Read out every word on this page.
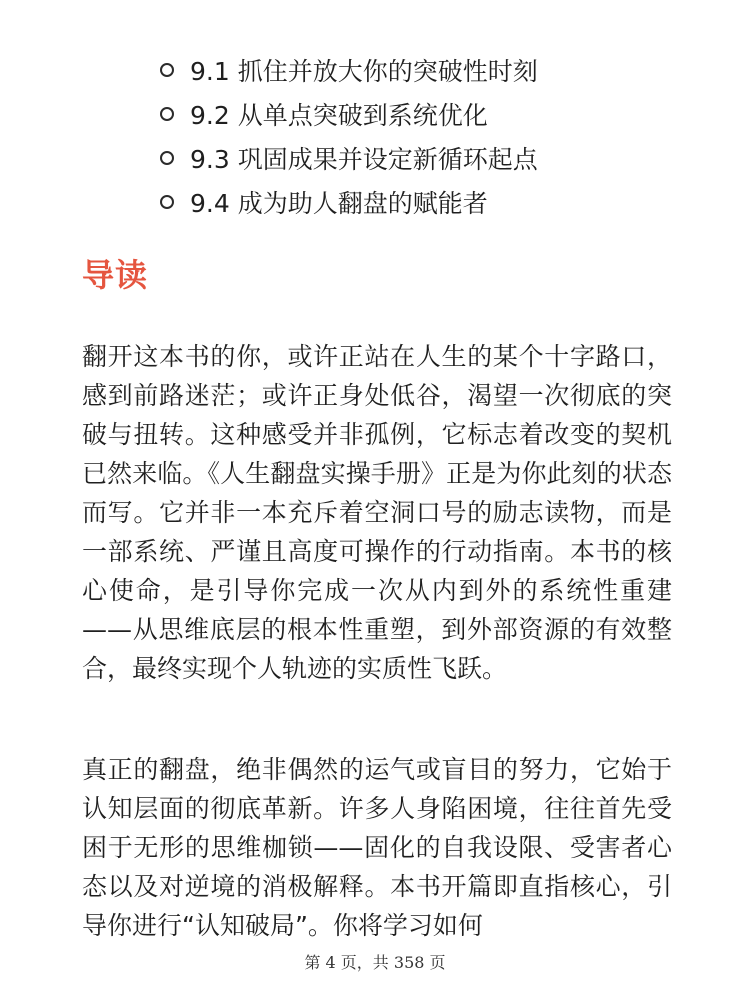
9.1 抓住并放大你的突破性时刻
9.2 从单点突破到系统优化
9.3 巩固成果并设定新循环起点
9.4 成为助人翻盘的赋能者
导读

翻开这本书的你，或许正站在人生的某个十字路口，感到前路迷茫；或许正身处低谷，渴望一次彻底的突破与扭转。这种感受并非孤例，它标志着改变的契机已然来临。《人生翻盘实操手册》正是为你此刻的状态而写。它并非一本充斥着空洞口号的励志读物，而是一部系统、严谨且高度可操作的行动指南。本书的核心使命，是引导你完成一次从内到外的系统性重建——从思维底层的根本性重塑，到外部资源的有效整合，最终实现个人轨迹的实质性飞跃。

真正的翻盘，绝非偶然的运气或盲目的努力，它始于认知层面的彻底革新。许多人身陷困境，往往首先受困于无形的思维枷锁——固化的自我设限、受害者心态以及对逆境的消极解释。本书开篇即直指核心，引导你进行“认知破局”。你将学习如何

第 4 页，共 358 页
